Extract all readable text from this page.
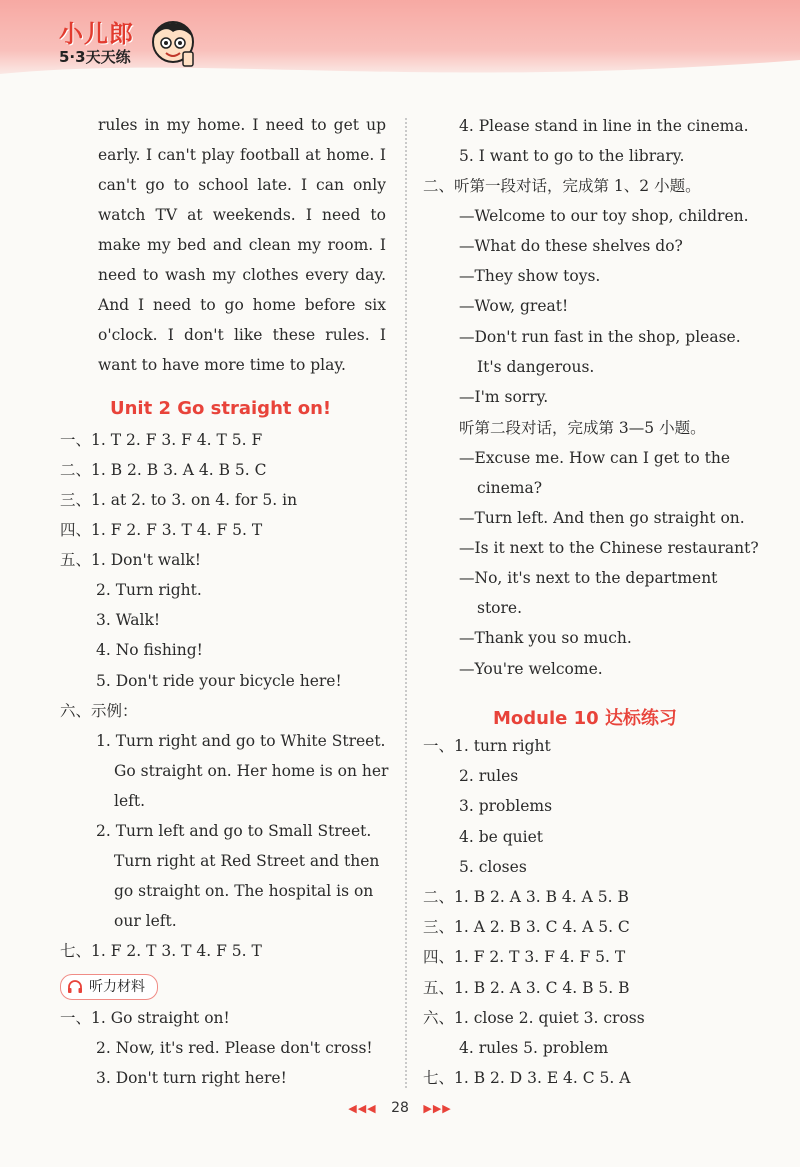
小儿郎
5·3天天练
rules in my home. I need to get up
early. I can't play football at home. I
can't go to school late. I can only
watch TV at weekends. I need to
make my bed and clean my room. I
need to wash my clothes every day.
And I need to go home before six
o'clock. I don't like these rules. I
want to have more time to play.
Unit 2 Go straight on!
一、1. T 2. F 3. F 4. T 5. F
二、1. B 2. B 3. A 4. B 5. C
三、1. at 2. to 3. on 4. for 5. in
四、1. F 2. F 3. T 4. F 5. T
五、1. Don't walk!
2. Turn right.
3. Walk!
4. No fishing!
5. Don't ride your bicycle here!
六、示例：
1. Turn right and go to White Street.
Go straight on. Her home is on her
left.
2. Turn left and go to Small Street.
Turn right at Red Street and then
go straight on. The hospital is on
our left.
七、1. F 2. T 3. T 4. F 5. T
听力材料
一、1. Go straight on!
2. Now, it's red. Please don't cross!
3. Don't turn right here!
4. Please stand in line in the cinema.
5. I want to go to the library.
二、听第一段对话，完成第 1、2 小题。
—Welcome to our toy shop, children.
—What do these shelves do?
—They show toys.
—Wow, great!
—Don't run fast in the shop, please.
It's dangerous.
—I'm sorry.
听第二段对话，完成第 3—5 小题。
—Excuse me. How can I get to the
cinema?
—Turn left. And then go straight on.
—Is it next to the Chinese restaurant?
—No, it's next to the department
store.
—Thank you so much.
—You're welcome.
Module 10 达标练习
一、1. turn right
2. rules
3. problems
4. be quiet
5. closes
二、1. B 2. A 3. B 4. A 5. B
三、1. A 2. B 3. C 4. A 5. C
四、1. F 2. T 3. F 4. F 5. T
五、1. B 2. A 3. C 4. B 5. B
六、1. close 2. quiet 3. cross
4. rules 5. problem
七、1. B 2. D 3. E 4. C 5. A
◀◀◀ 28 ▶▶▶
